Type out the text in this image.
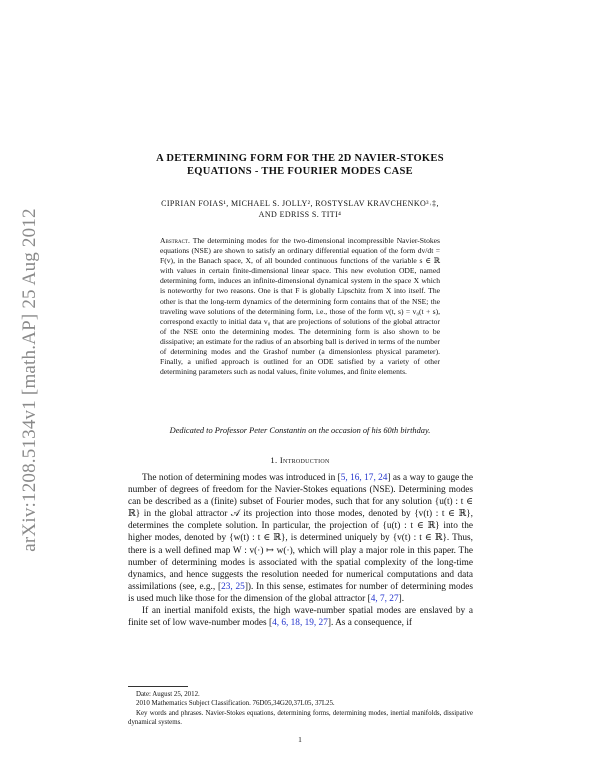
arXiv:1208.5134v1 [math.AP] 25 Aug 2012
A DETERMINING FORM FOR THE 2D NAVIER-STOKES
EQUATIONS - THE FOURIER MODES CASE
CIPRIAN FOIAS¹, MICHAEL S. JOLLY², ROSTYSLAV KRAVCHENKO³˒‡,
AND EDRISS S. TITI⁴
Abstract. The determining modes for the two-dimensional incompressible Navier-Stokes equations (NSE) are shown to satisfy an ordinary differential equation of the form dv/dt = F(v), in the Banach space, X, of all bounded continuous functions of the variable s ∈ ℝ with values in certain finite-dimensional linear space. This new evolution ODE, named determining form, induces an infinite-dimensional dynamical system in the space X which is noteworthy for two reasons. One is that F is globally Lipschitz from X into itself. The other is that the long-term dynamics of the determining form contains that of the NSE; the traveling wave solutions of the determining form, i.e., those of the form v(t, s) = v₀(t + s), correspond exactly to initial data v₀ that are projections of solutions of the global attractor of the NSE onto the determining modes. The determining form is also shown to be dissipative; an estimate for the radius of an absorbing ball is derived in terms of the number of determining modes and the Grashof number (a dimensionless physical parameter). Finally, a unified approach is outlined for an ODE satisfied by a variety of other determining parameters such as nodal values, finite volumes, and finite elements.
Dedicated to Professor Peter Constantin on the occasion of his 60th birthday.
1. Introduction

The notion of determining modes was introduced in [5, 16, 17, 24] as a way to gauge the number of degrees of freedom for the Navier-Stokes equations (NSE). Determining modes can be described as a (finite) subset of Fourier modes, such that for any solution {u(t) : t ∈ ℝ} in the global attractor 𝒜 its projection into those modes, denoted by {v(t) : t ∈ ℝ}, determines the complete solution. In particular, the projection of {u(t) : t ∈ ℝ} into the higher modes, denoted by {w(t) : t ∈ ℝ}, is determined uniquely by {v(t) : t ∈ ℝ}. Thus, there is a well defined map W : v(·) ↦ w(·), which will play a major role in this paper. The number of determining modes is associated with the spatial complexity of the long-time dynamics, and hence suggests the resolution needed for numerical computations and data assimilations (see, e.g., [23, 25]). In this sense, estimates for number of determining modes is used much like those for the dimension of the global attractor [4, 7, 27].

If an inertial manifold exists, the high wave-number spatial modes are enslaved by a finite set of low wave-number modes [4, 6, 18, 19, 27]. As a consequence, if

Date: August 25, 2012.

2010 Mathematics Subject Classification. 76D05,34G20,37L05, 37L25.

Key words and phrases. Navier-Stokes equations, determining forms, determining modes, inertial manifolds, dissipative dynamical systems.

1
